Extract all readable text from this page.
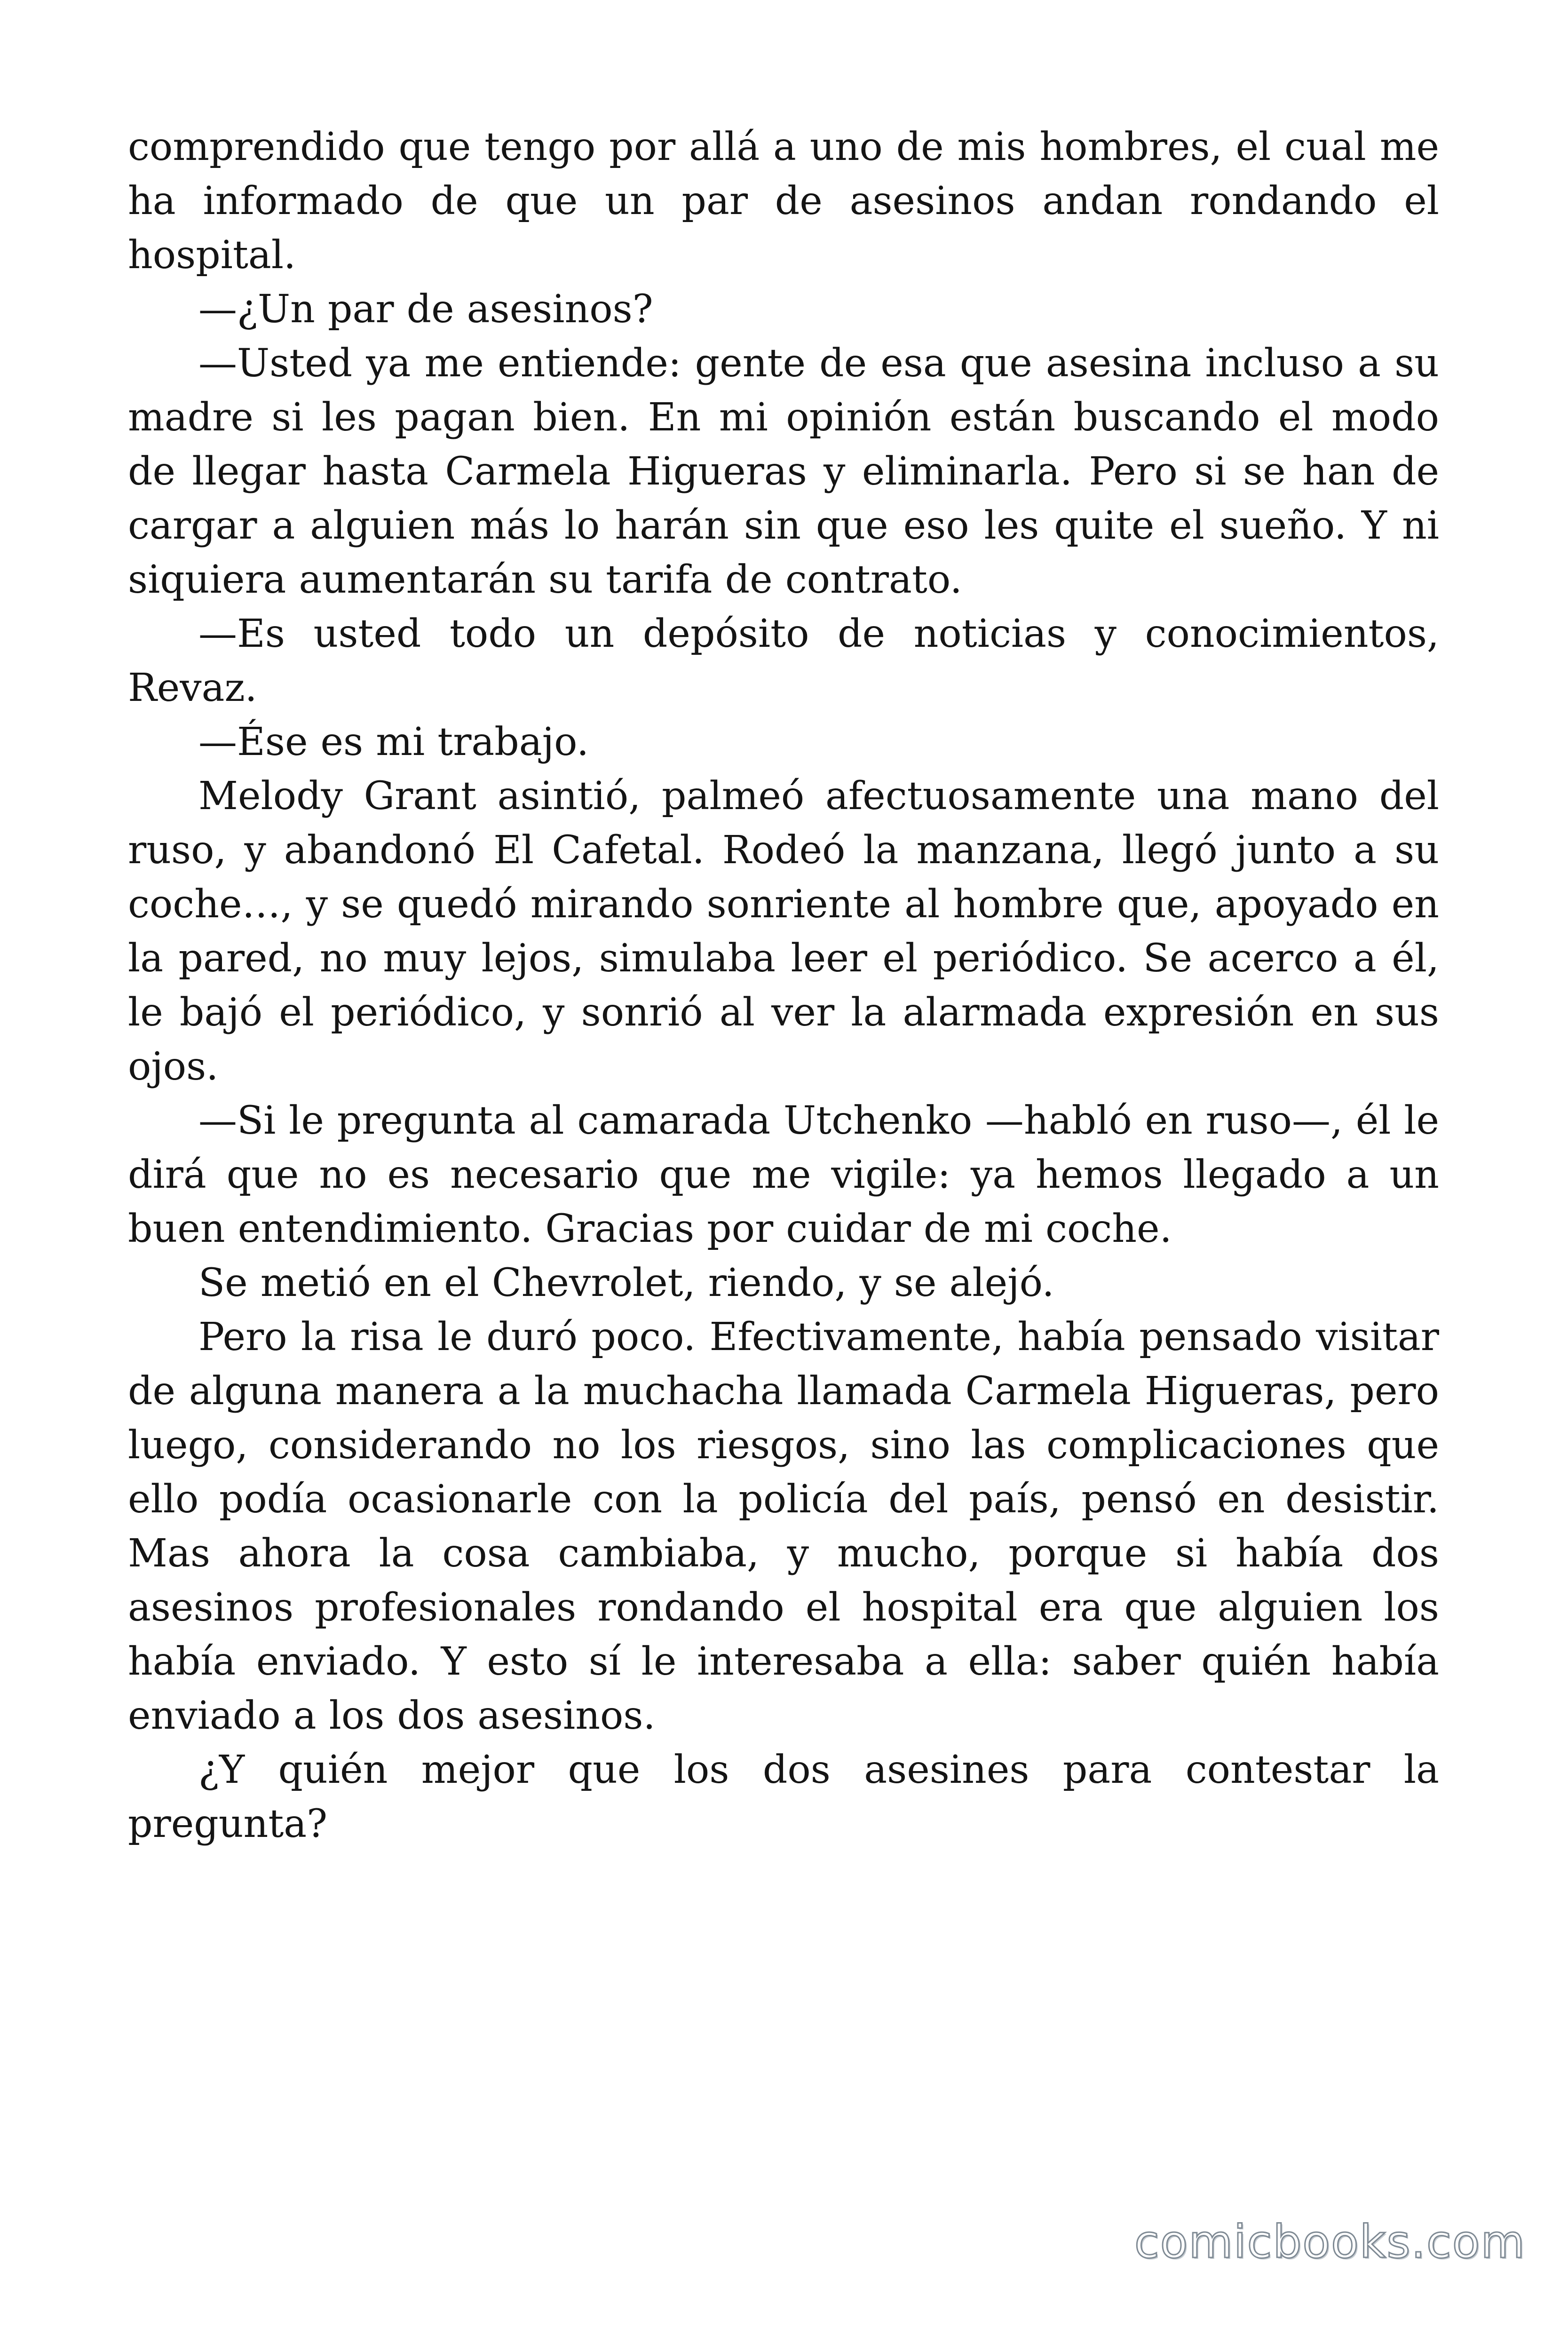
comprendido que tengo por allá a uno de mis hombres, el cual me ha informado de que un par de asesinos andan rondando el hospital.

—¿Un par de asesinos?

—Usted ya me entiende: gente de esa que asesina incluso a su madre si les pagan bien. En mi opinión están buscando el modo de llegar hasta Carmela Higueras y eliminarla. Pero si se han de cargar a alguien más lo harán sin que eso les quite el sueño. Y ni siquiera aumentarán su tarifa de contrato.

—Es usted todo un depósito de noticias y conocimientos, Revaz.

—Ése es mi trabajo.

Melody Grant asintió, palmeó afectuosamente una mano del ruso, y abandonó El Cafetal. Rodeó la manzana, llegó junto a su coche…, y se quedó mirando sonriente al hombre que, apoyado en la pared, no muy lejos, simulaba leer el periódico. Se acerco a él, le bajó el periódico, y sonrió al ver la alarmada expresión en sus ojos.

—Si le pregunta al camarada Utchenko —habló en ruso—, él le dirá que no es necesario que me vigile: ya hemos llegado a un buen entendimiento. Gracias por cuidar de mi coche.

Se metió en el Chevrolet, riendo, y se alejó.

Pero la risa le duró poco. Efectivamente, había pensado visitar de alguna manera a la muchacha llamada Carmela Higueras, pero luego, considerando no los riesgos, sino las complicaciones que ello podía ocasionarle con la policía del país, pensó en desistir. Mas ahora la cosa cambiaba, y mucho, porque si había dos asesinos profesionales rondando el hospital era que alguien los había enviado. Y esto sí le interesaba a ella: saber quién había enviado a los dos asesinos.

¿Y quién mejor que los dos asesines para contestar la pregunta?

comicbooks.com
